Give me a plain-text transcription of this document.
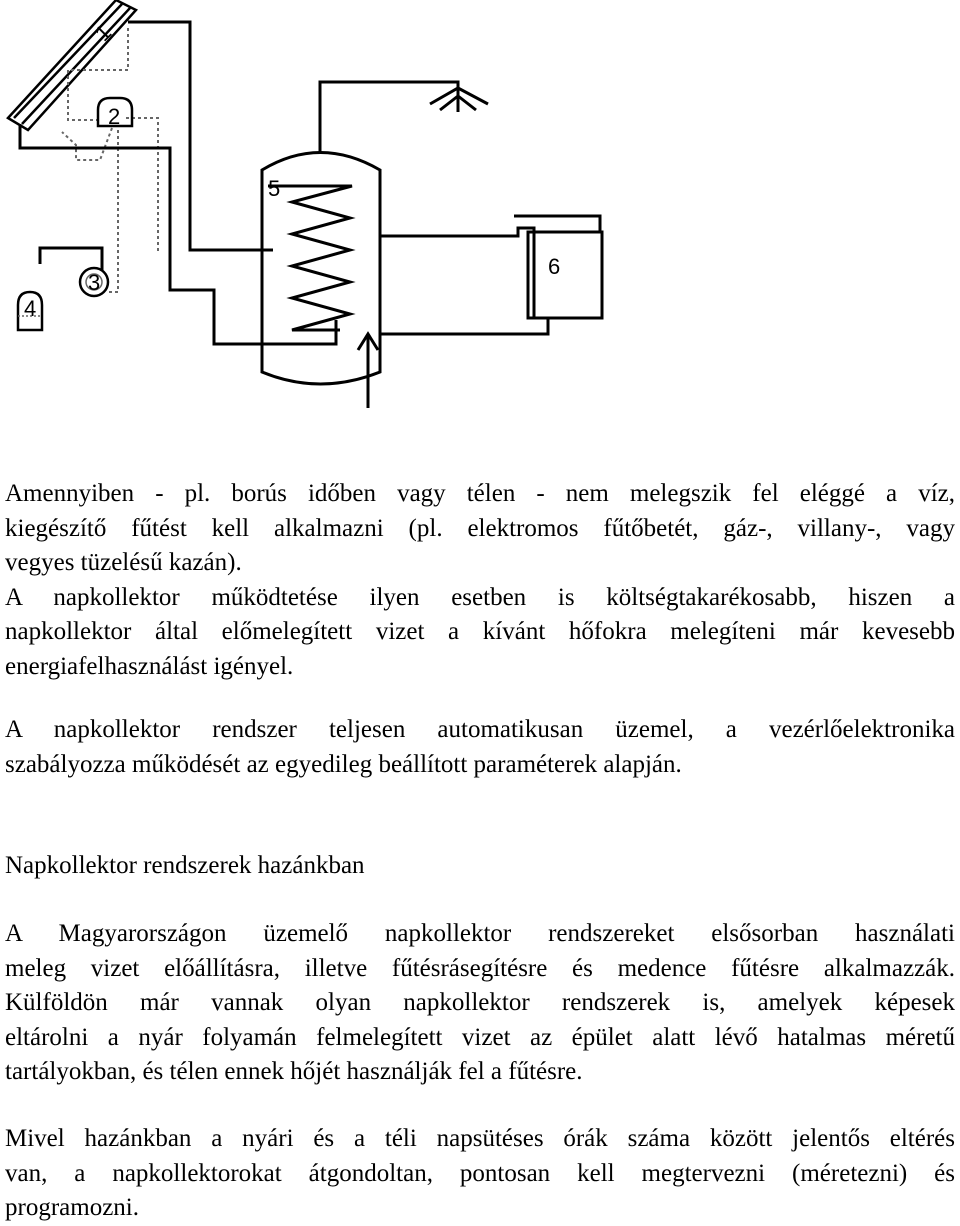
1
2
3
4
5
6
Amennyiben - pl. borús időben vagy télen - nem melegszik fel eléggé a víz,
kiegészítő fűtést kell alkalmazni (pl. elektromos fűtőbetét, gáz-, villany-, vagy
vegyes tüzelésű kazán).
A napkollektor működtetése ilyen esetben is költségtakarékosabb, hiszen a
napkollektor által előmelegített vizet a kívánt hőfokra melegíteni már kevesebb
energiafelhasználást igényel.
A napkollektor rendszer teljesen automatikusan üzemel, a vezérlőelektronika
szabályozza működését az egyedileg beállított paraméterek alapján.
Napkollektor rendszerek hazánkban
A Magyarországon üzemelő napkollektor rendszereket elsősorban használati
meleg vizet előállításra, illetve fűtésrásegítésre és medence fűtésre alkalmazzák.
Külföldön már vannak olyan napkollektor rendszerek is, amelyek képesek
eltárolni a nyár folyamán felmelegített vizet az épület alatt lévő hatalmas méretű
tartályokban, és télen ennek hőjét használják fel a fűtésre.
Mivel hazánkban a nyári és a téli napsütéses órák száma között jelentős eltérés
van, a napkollektorokat átgondoltan, pontosan kell megtervezni (méretezni) és
programozni.
